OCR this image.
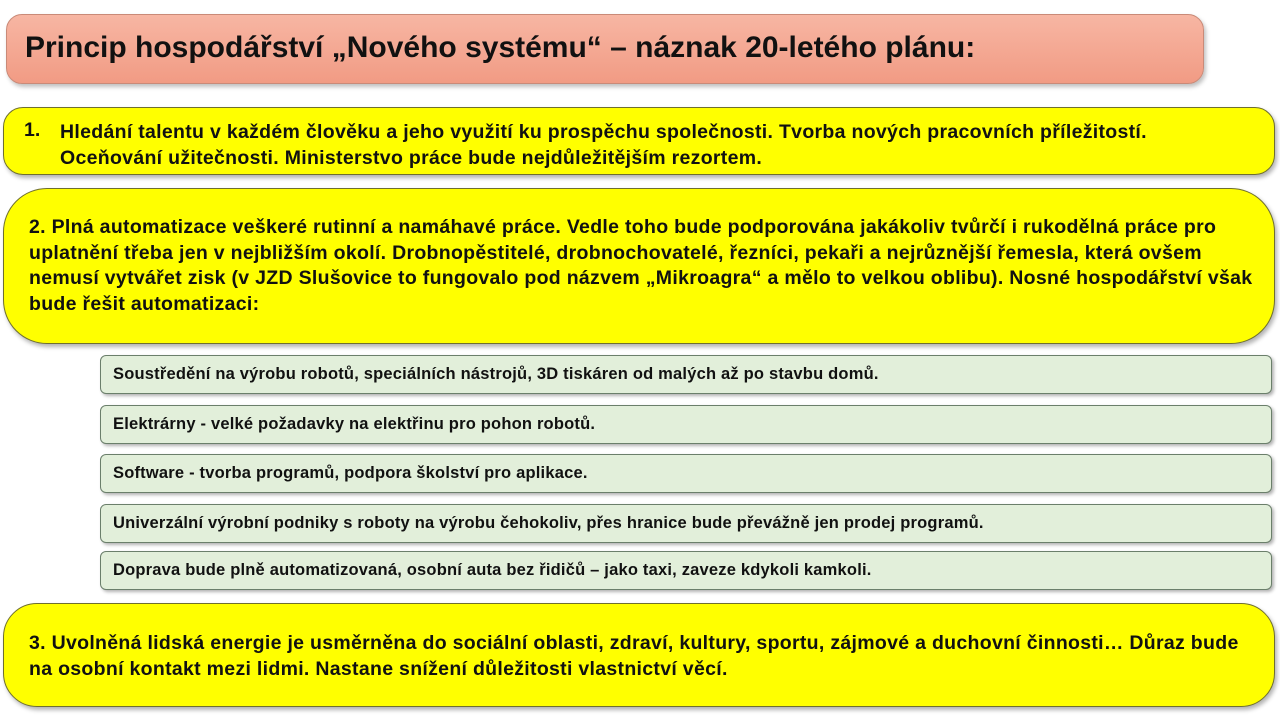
Princip hospodářství „Nového systému“ – náznak 20-letého plánu:
1. Hledání talentu v každém člověku a jeho využití ku prospěchu společnosti. Tvorba nových pracovních příležitostí. Oceňování užitečnosti. Ministerstvo práce bude nejdůležitějším rezortem.
2. Plná automatizace veškeré rutinní a namáhavé práce. Vedle toho bude podporována jakákoliv tvůrčí i rukodělná práce pro uplatnění třeba jen v nejbližším okolí. Drobnopěstitelé, drobnochovatelé, řezníci, pekaři a nejrůznější řemesla, která ovšem nemusí vytvářet zisk (v JZD Slušovice to fungovalo pod názvem „Mikroagra“ a mělo to velkou oblibu). Nosné hospodářství však bude řešit automatizaci:
Soustředění na výrobu robotů, speciálních nástrojů, 3D tiskáren od malých až po stavbu domů.
Elektrárny - velké požadavky na elektřinu pro pohon robotů.
Software - tvorba programů, podpora školství pro aplikace.
Univerzální výrobní podniky s roboty na výrobu čehokoliv, přes hranice bude převážně jen prodej programů.
Doprava bude plně automatizovaná, osobní auta bez řidičů – jako taxi, zaveze kdykoli kamkoli.
3. Uvolněná lidská energie je usměrněna do sociální oblasti, zdraví, kultury, sportu, zájmové a duchovní činnosti… Důraz bude na osobní kontakt mezi lidmi. Nastane snížení důležitosti vlastnictví věcí.
